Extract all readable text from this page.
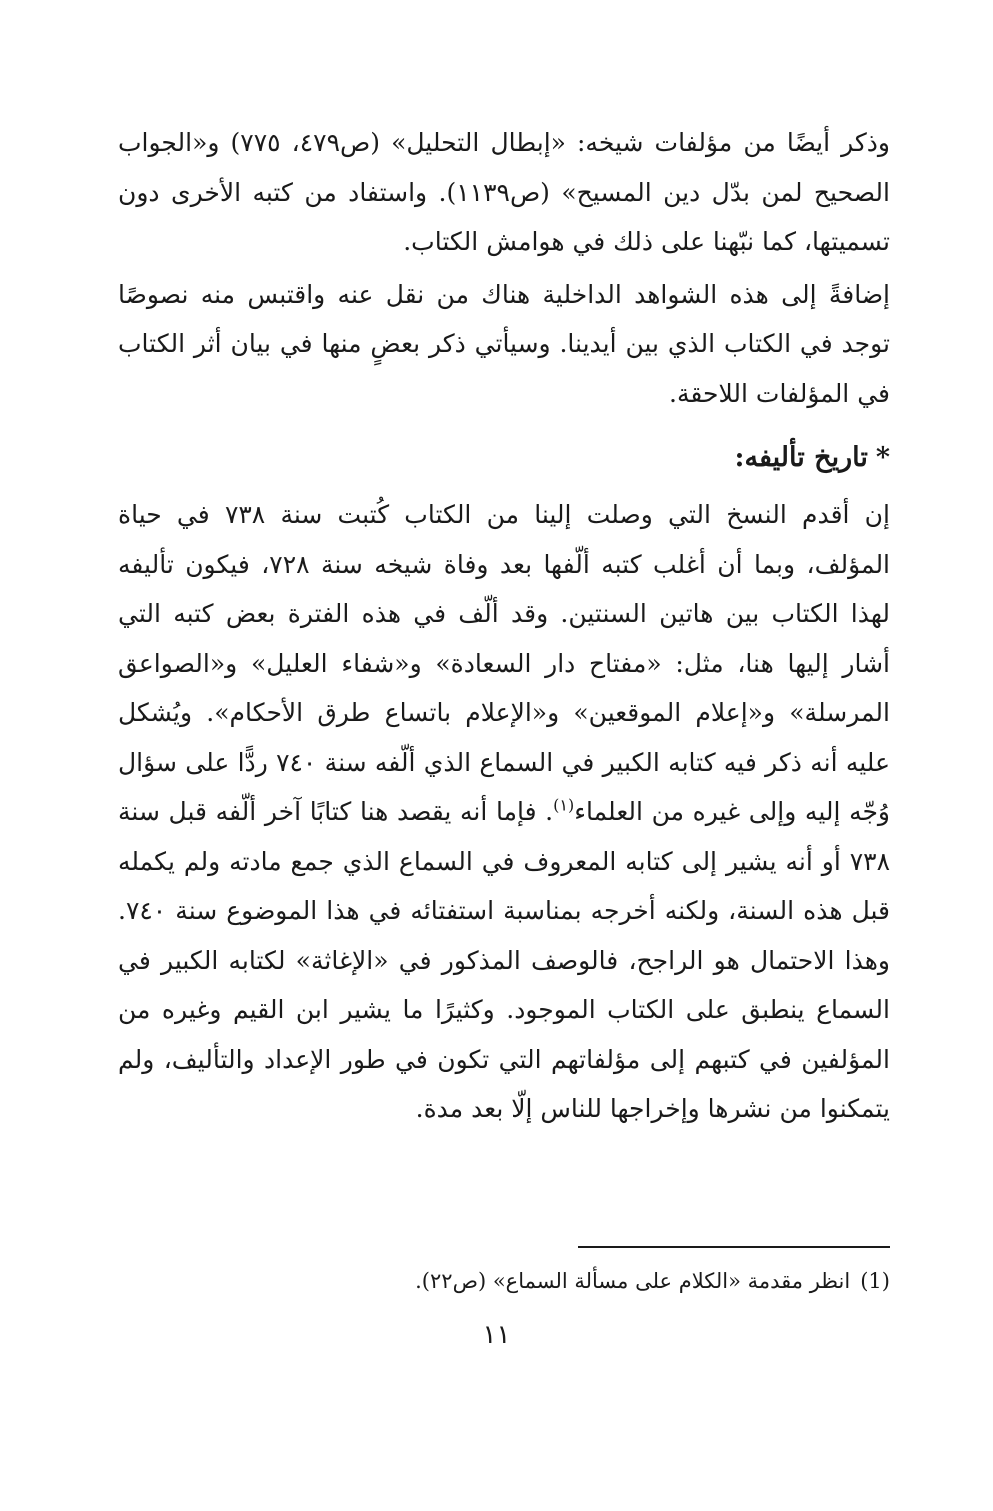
وذكر أيضًا من مؤلفات شيخه: «إبطال التحليل» (ص٤٧٩، ٧٧٥) و«الجواب الصحيح لمن بدّل دين المسيح» (ص١١٣٩). واستفاد من كتبه الأخرى دون تسميتها، كما نبّهنا على ذلك في هوامش الكتاب.

إضافةً إلى هذه الشواهد الداخلية هناك من نقل عنه واقتبس منه نصوصًا توجد في الكتاب الذي بين أيدينا. وسيأتي ذكر بعضٍ منها في بيان أثر الكتاب في المؤلفات اللاحقة.

*تاريخ تأليفه:

إن أقدم النسخ التي وصلت إلينا من الكتاب كُتبت سنة ٧٣٨ في حياة المؤلف، وبما أن أغلب كتبه ألّفها بعد وفاة شيخه سنة ٧٢٨، فيكون تأليفه لهذا الكتاب بين هاتين السنتين. وقد ألّف في هذه الفترة بعض كتبه التي أشار إليها هنا، مثل: «مفتاح دار السعادة» و«شفاء العليل» و«الصواعق المرسلة» و«إعلام الموقعين» و«الإعلام باتساع طرق الأحكام». ويُشكل عليه أنه ذكر فيه كتابه الكبير في السماع الذي ألّفه سنة ٧٤٠ ردًّا على سؤال وُجّه إليه وإلى غيره من العلماء$^{(١)}$. فإما أنه يقصد هنا كتابًا آخر ألّفه قبل سنة ٧٣٨ أو أنه يشير إلى كتابه المعروف في السماع الذي جمع مادته ولم يكمله قبل هذه السنة، ولكنه أخرجه بمناسبة استفتائه في هذا الموضوع سنة ٧٤٠. وهذا الاحتمال هو الراجح، فالوصف المذكور في «الإغاثة» لكتابه الكبير في السماع ينطبق على الكتاب الموجود. وكثيرًا ما يشير ابن القيم وغيره من المؤلفين في كتبهم إلى مؤلفاتهم التي تكون في طور الإعداد والتأليف، ولم يتمكنوا من نشرها وإخراجها للناس إلّا بعد مدة.

(1)انظر مقدمة «الكلام على مسألة السماع» (ص٢٢).
١١
